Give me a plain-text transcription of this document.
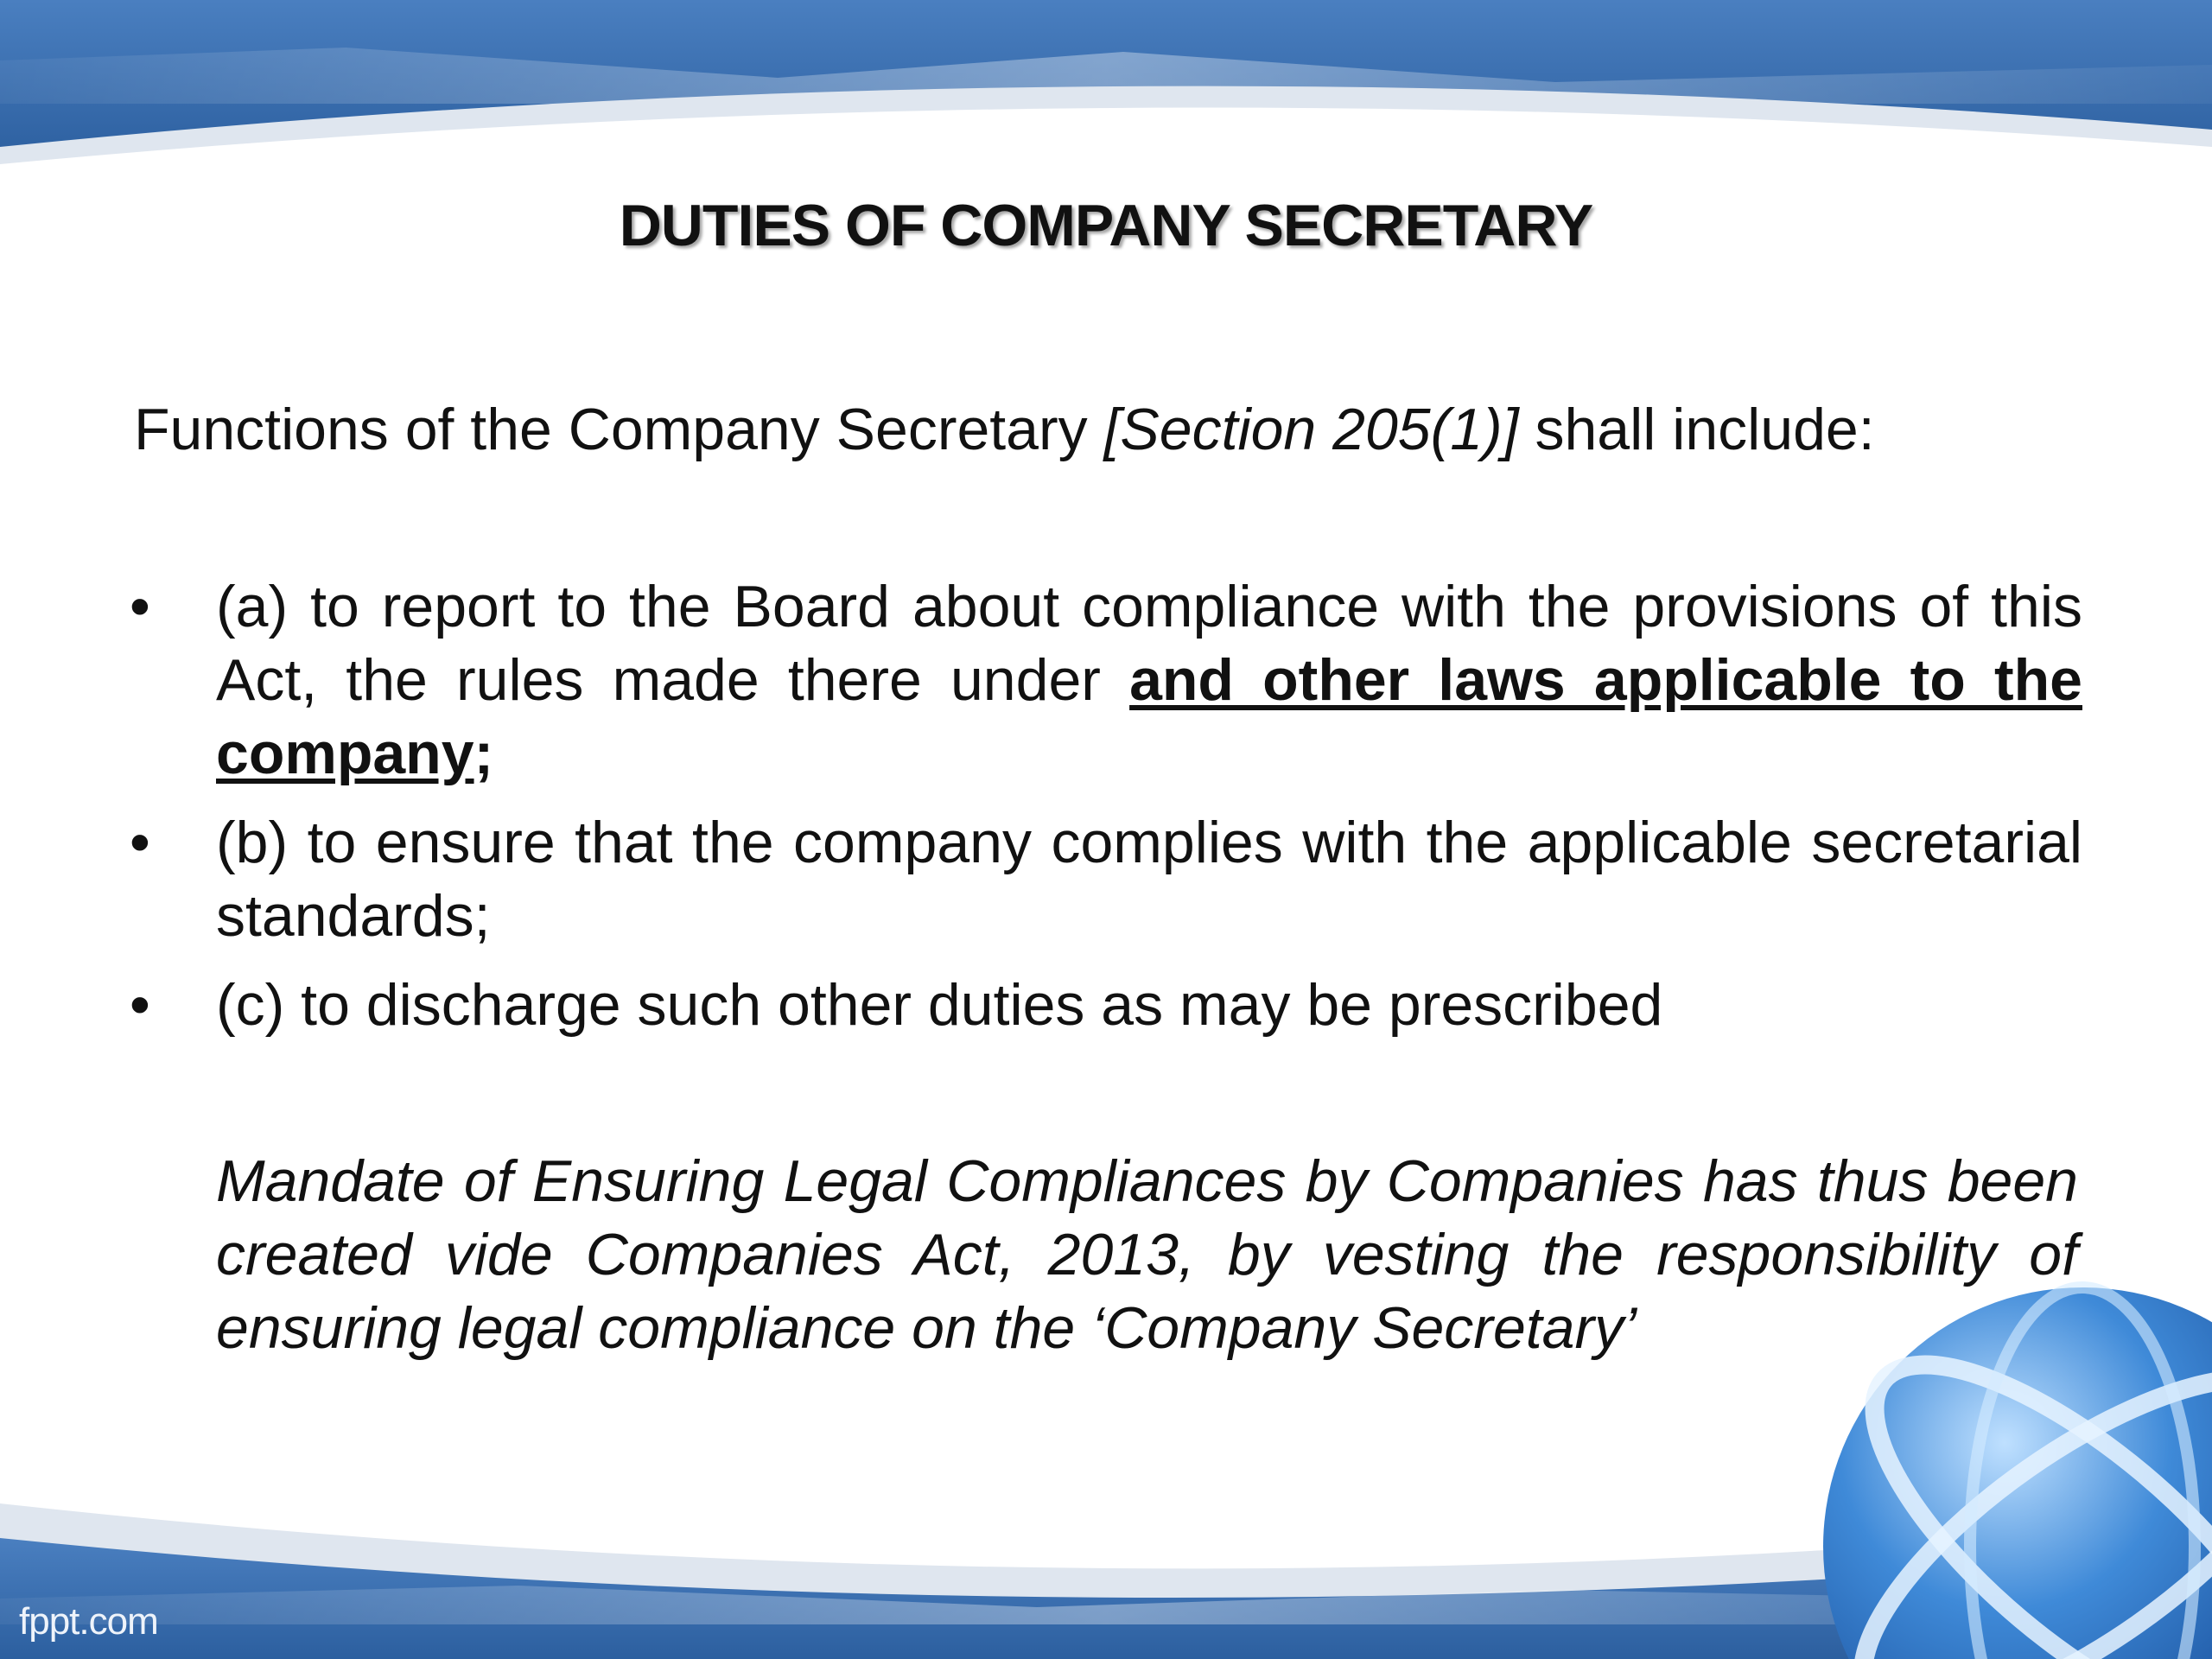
DUTIES OF COMPANY SECRETARY
Functions of the Company Secretary [Section 205(1)] shall include:
• (a) to report to the Board about compliance with the provisions of this Act, the rules made there under and other laws applicable to the company;
• (b) to ensure that the company complies with the applicable secretarial standards;
• (c) to discharge such other duties as may be prescribed
Mandate of Ensuring Legal Compliances by Companies has thus been created vide Companies Act, 2013, by vesting the responsibility of ensuring legal compliance on the ‘Company Secretary’
fppt.com
